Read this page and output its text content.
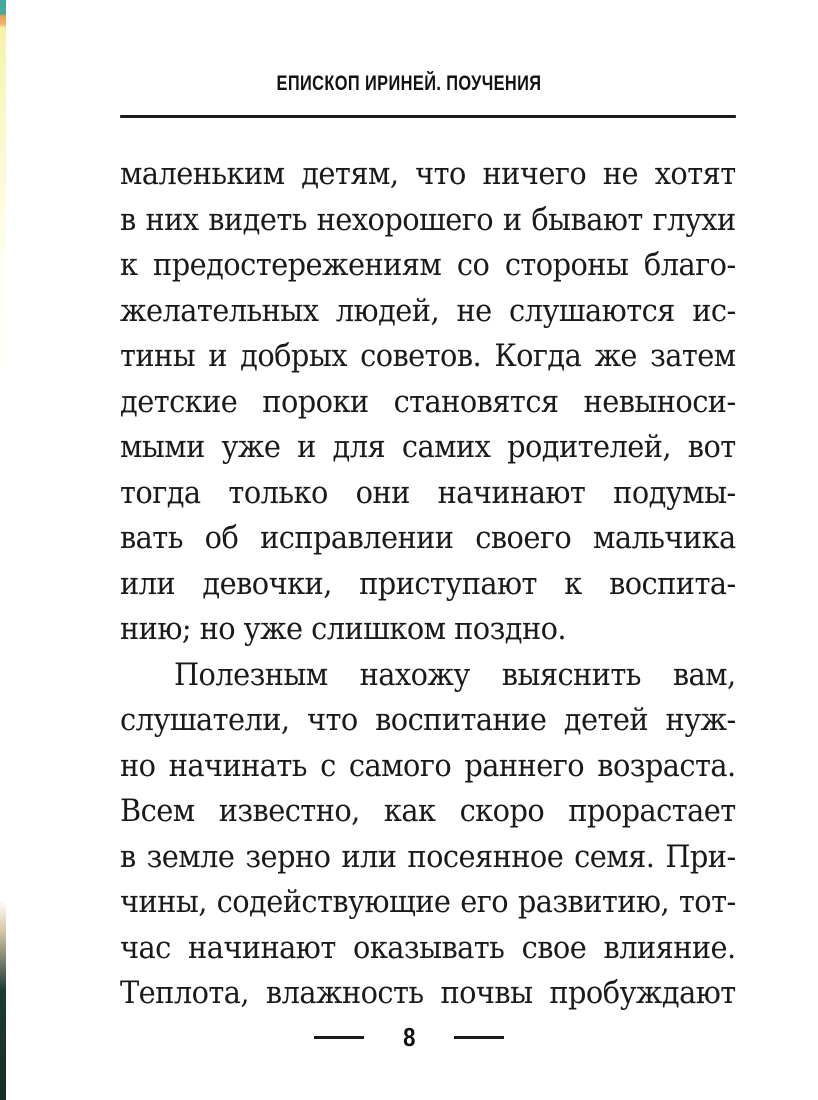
ЕПИСКОП ИРИНЕЙ. ПОУЧЕНИЯ
маленьким детям, что ничего не хотят
в них видеть нехорошего и бывают глухи
к предостережениям со стороны благо-
желательных людей, не слушаются ис-
тины и добрых советов. Когда же затем
детские пороки становятся невыноси-
мыми уже и для самих родителей, вот
тогда только они начинают подумы-
вать об исправлении своего мальчика
или девочки, приступают к воспита-
нию; но уже слишком поздно.
Полезным нахожу выяснить вам,
слушатели, что воспитание детей нуж-
но начинать с самого раннего возраста.
Всем известно, как скоро прорастает
в земле зерно или посеянное семя. При-
чины, содействующие его развитию, тот-
час начинают оказывать свое влияние.
Теплота, влажность почвы пробуждают
8
